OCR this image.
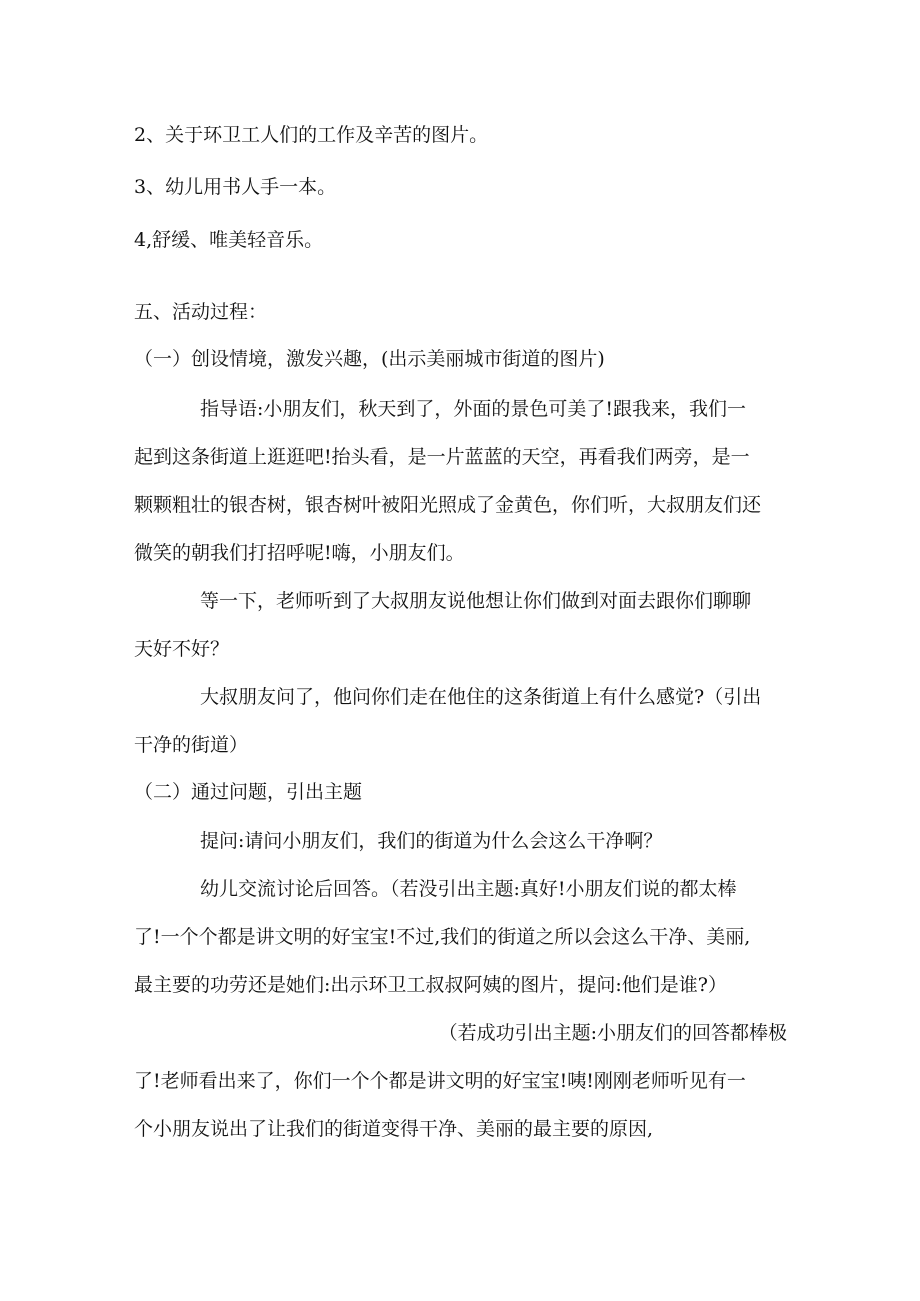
2、关于环卫工人们的工作及辛苦的图片。
3、幼儿用书人手一本。
4,舒缓、唯美轻音乐。
五、活动过程：
（一）创设情境，激发兴趣，(出示美丽城市街道的图片)
指导语:小朋友们，秋天到了，外面的景色可美了!跟我来，我们一
起到这条街道上逛逛吧!抬头看，是一片蓝蓝的天空，再看我们两旁，是一
颗颗粗壮的银杏树，银杏树叶被阳光照成了金黄色，你们听，大叔朋友们还
微笑的朝我们打招呼呢!嗨，小朋友们。
等一下，老师听到了大叔朋友说他想让你们做到对面去跟你们聊聊
天好不好？
大叔朋友问了，他问你们走在他住的这条街道上有什么感觉?（引出
干净的街道）
（二）通过问题，引出主题
提问:请问小朋友们，我们的街道为什么会这么干净啊？
幼儿交流讨论后回答。（若没引出主题:真好!小朋友们说的都太棒
了!一个个都是讲文明的好宝宝!不过,我们的街道之所以会这么干净、美丽,
最主要的功劳还是她们:出示环卫工叔叔阿姨的图片，提问:他们是谁?）
（若成功引出主题:小朋友们的回答都棒极
了!老师看出来了，你们一个个都是讲文明的好宝宝!咦!刚刚老师听见有一
个小朋友说出了让我们的街道变得干净、美丽的最主要的原因,
